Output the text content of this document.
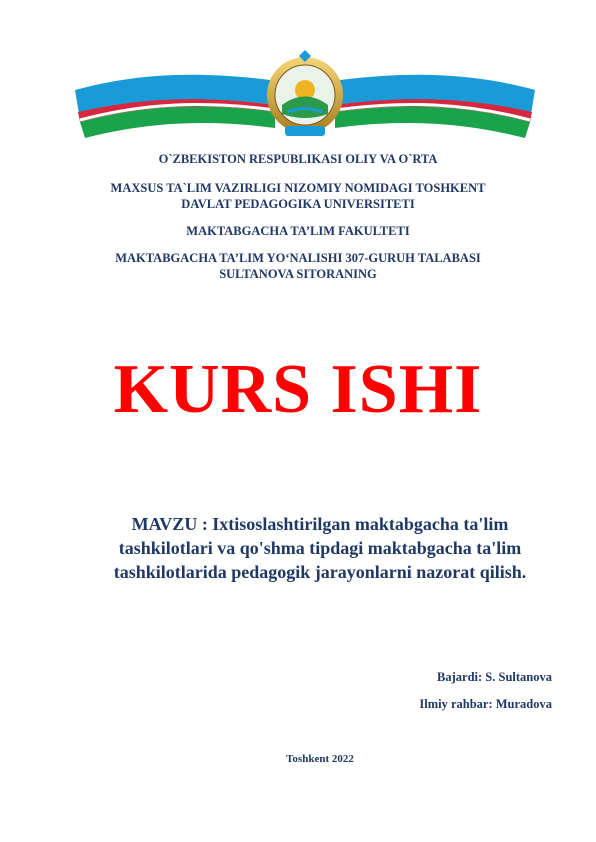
O`ZBEKISTON RESPUBLIKASI OLIY VA O`RTA
MAXSUS TA`LIM VAZIRLIGI NIZOMIY NOMIDAGI TOSHKENT
DAVLAT PEDAGOGIKA UNIVERSITETI
MAKTABGACHA TA’LIM FAKULTETI
MAKTABGACHA TA’LIM YO‘NALISHI 307-GURUH TALABASI
SULTANOVA SITORANING
KURS ISHI
MAVZU : Ixtisoslashtirilgan maktabgacha ta'lim
tashkilotlari va qo'shma tipdagi maktabgacha ta'lim
tashkilotlarida pedagogik jarayonlarni nazorat qilish.
Bajardi: S. Sultanova
Ilmiy rahbar: Muradova
Toshkent 2022
